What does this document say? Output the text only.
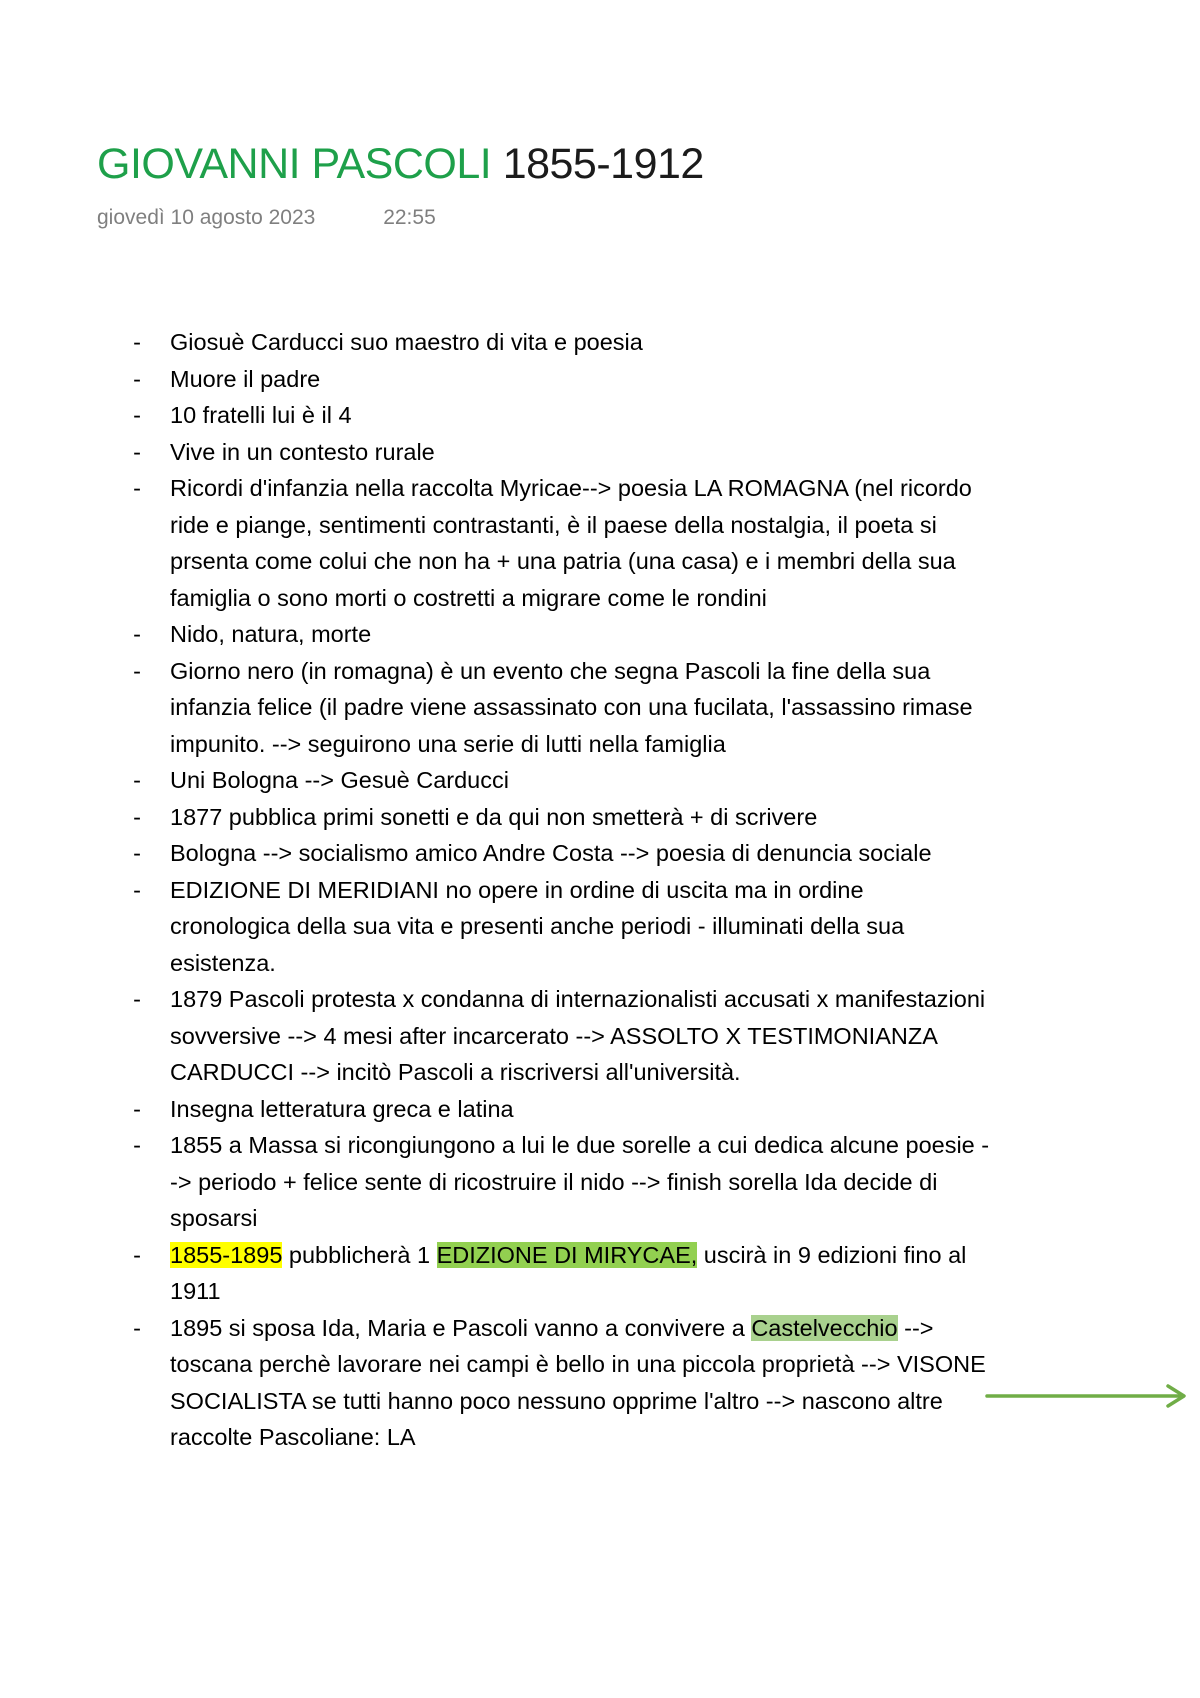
GIOVANNI PASCOLI 1855-1912
giovedì 10 agosto 2023	22:55
- Giosuè Carducci suo maestro di vita e poesia
- Muore il padre
- 10 fratelli lui è il 4
- Vive in un contesto rurale
- Ricordi d'infanzia nella raccolta Myricae--> poesia LA ROMAGNA (nel ricordo ride e piange, sentimenti contrastanti, è il paese della nostalgia, il poeta si prsenta come colui che non ha + una patria (una casa) e i membri della sua famiglia o sono morti o costretti a migrare come le rondini
- Nido, natura, morte
- Giorno nero (in romagna) è un evento che segna Pascoli la fine della sua infanzia felice (il padre viene assassinato con una fucilata, l'assassino rimase impunito. --> seguirono una serie di lutti nella famiglia
- Uni Bologna --> Gesuè Carducci
- 1877 pubblica primi sonetti e da qui non smetterà + di scrivere
- Bologna --> socialismo amico Andre Costa --> poesia di denuncia sociale
- EDIZIONE DI MERIDIANI no opere in ordine di uscita ma in ordine cronologica della sua vita e presenti anche periodi - illuminati della sua esistenza.
- 1879 Pascoli protesta x condanna di internazionalisti accusati x manifestazioni sovversive --> 4 mesi after incarcerato --> ASSOLTO X TESTIMONIANZA CARDUCCI --> incitò Pascoli a riscriversi all'università.
- Insegna letteratura greca e latina
- 1855 a Massa si ricongiungono a lui le due sorelle a cui dedica alcune poesie --> periodo + felice sente di ricostruire il nido --> finish sorella Ida decide di sposarsi
- 1855-1895 pubblicherà 1 EDIZIONE DI MIRYCAE, uscirà in 9 edizioni fino al 1911
- 1895 si sposa Ida, Maria e Pascoli vanno a convivere a Castelvecchio --> toscana perchè lavorare nei campi è bello in una piccola proprietà --> VISONE SOCIALISTA se tutti hanno poco nessuno opprime l'altro --> nascono altre raccolte Pascoliane: LA
